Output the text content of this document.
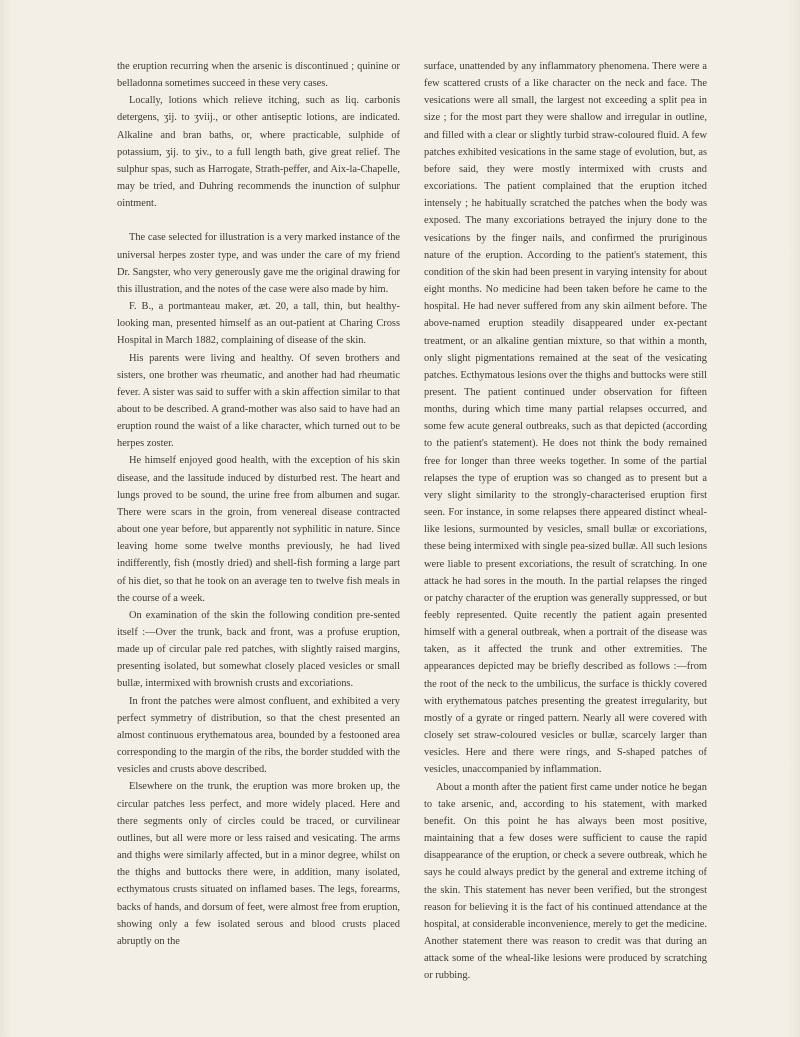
the eruption recurring when the arsenic is discontinued ; quinine or belladonna sometimes succeed in these very cases.

Locally, lotions which relieve itching, such as liq. carbonis detergens, ʒij. to ʒviij., or other antiseptic lotions, are indicated. Alkaline and bran baths, or, where practicable, sulphide of potassium, ʒij. to ʒiv., to a full length bath, give great relief. The sulphur spas, such as Harrogate, Strath-peffer, and Aix-la-Chapelle, may be tried, and Duhring recommends the inunction of sulphur ointment.

The case selected for illustration is a very marked instance of the universal herpes zoster type, and was under the care of my friend Dr. Sangster, who very generously gave me the original drawing for this illustration, and the notes of the case were also made by him.

F. B., a portmanteau maker, æt. 20, a tall, thin, but healthy-looking man, presented himself as an out-patient at Charing Cross Hospital in March 1882, complaining of disease of the skin.

His parents were living and healthy. Of seven brothers and sisters, one brother was rheumatic, and another had had rheumatic fever. A sister was said to suffer with a skin affection similar to that about to be described. A grand-mother was also said to have had an eruption round the waist of a like character, which turned out to be herpes zoster.

He himself enjoyed good health, with the exception of his skin disease, and the lassitude induced by disturbed rest. The heart and lungs proved to be sound, the urine free from albumen and sugar. There were scars in the groin, from venereal disease contracted about one year before, but apparently not syphilitic in nature. Since leaving home some twelve months previously, he had lived indifferently, fish (mostly dried) and shell-fish forming a large part of his diet, so that he took on an average ten to twelve fish meals in the course of a week.

On examination of the skin the following condition pre-sented itself :—Over the trunk, back and front, was a profuse eruption, made up of circular pale red patches, with slightly raised margins, presenting isolated, but somewhat closely placed vesicles or small bullæ, intermixed with brownish crusts and excoriations.

In front the patches were almost confluent, and exhibited a very perfect symmetry of distribution, so that the chest presented an almost continuous erythematous area, bounded by a festooned area corresponding to the margin of the ribs, the border studded with the vesicles and crusts above described.

Elsewhere on the trunk, the eruption was more broken up, the circular patches less perfect, and more widely placed. Here and there segments only of circles could be traced, or curvilinear outlines, but all were more or less raised and vesicating. The arms and thighs were similarly affected, but in a minor degree, whilst on the thighs and buttocks there were, in addition, many isolated, ecthymatous crusts situated on inflamed bases. The legs, forearms, backs of hands, and dorsum of feet, were almost free from eruption, showing only a few isolated serous and blood crusts placed abruptly on the

surface, unattended by any inflammatory phenomena. There were a few scattered crusts of a like character on the neck and face. The vesications were all small, the largest not exceeding a split pea in size ; for the most part they were shallow and irregular in outline, and filled with a clear or slightly turbid straw-coloured fluid. A few patches exhibited vesications in the same stage of evolution, but, as before said, they were mostly intermixed with crusts and excoriations. The patient complained that the eruption itched intensely ; he habitually scratched the patches when the body was exposed. The many excoriations betrayed the injury done to the vesications by the finger nails, and confirmed the pruriginous nature of the eruption. According to the patient's statement, this condition of the skin had been present in varying intensity for about eight months. No medicine had been taken before he came to the hospital. He had never suffered from any skin ailment before. The above-named eruption steadily disappeared under ex-pectant treatment, or an alkaline gentian mixture, so that within a month, only slight pigmentations remained at the seat of the vesicating patches. Ecthymatous lesions over the thighs and buttocks were still present. The patient continued under observation for fifteen months, during which time many partial relapses occurred, and some few acute general outbreaks, such as that depicted (according to the patient's statement). He does not think the body remained free for longer than three weeks together. In some of the partial relapses the type of eruption was so changed as to present but a very slight similarity to the strongly-characterised eruption first seen. For instance, in some relapses there appeared distinct wheal-like lesions, surmounted by vesicles, small bullæ or excoriations, these being intermixed with single pea-sized bullæ. All such lesions were liable to present excoriations, the result of scratching. In one attack he had sores in the mouth. In the partial relapses the ringed or patchy character of the eruption was generally suppressed, or but feebly represented. Quite recently the patient again presented himself with a general outbreak, when a portrait of the disease was taken, as it affected the trunk and other extremities. The appearances depicted may be briefly described as follows :—from the root of the neck to the umbilicus, the surface is thickly covered with erythematous patches presenting the greatest irregularity, but mostly of a gyrate or ringed pattern. Nearly all were covered with closely set straw-coloured vesicles or bullæ, scarcely larger than vesicles. Here and there were rings, and S-shaped patches of vesicles, unaccompanied by inflammation.

About a month after the patient first came under notice he began to take arsenic, and, according to his statement, with marked benefit. On this point he has always been most positive, maintaining that a few doses were sufficient to cause the rapid disappearance of the eruption, or check a severe outbreak, which he says he could always predict by the general and extreme itching of the skin. This statement has never been verified, but the strongest reason for believing it is the fact of his continued attendance at the hospital, at considerable inconvenience, merely to get the medicine. Another statement there was reason to credit was that during an attack some of the wheal-like lesions were produced by scratching or rubbing.
